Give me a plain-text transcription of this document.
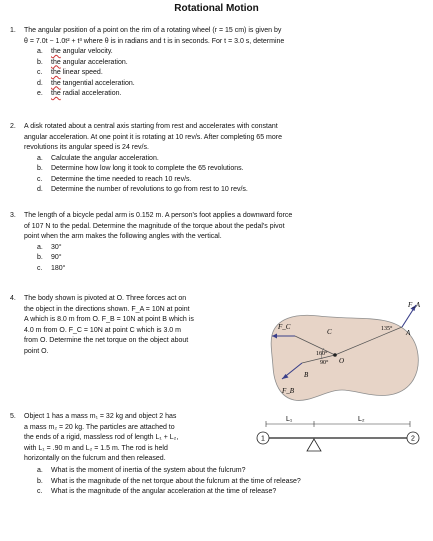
Rotational Motion
1. The angular position of a point on the rim of a rotating wheel (r = 15 cm) is given by

θ = 7.0t − 1.0t² + t³ where θ is in radians and t is in seconds. For t = 3.0 s, determine

a. the angular velocity.
b. the angular acceleration.
c. the linear speed.
d. the tangential acceleration.
e. the radial acceleration.
2. A disk rotated about a central axis starting from rest and accelerates with constant

angular acceleration. At one point it is rotating at 10 rev/s. After completing 65 more

revolutions its angular speed is 24 rev/s.

a. Calculate the angular acceleration.
b. Determine how low long it took to complete the 65 revolutions.
c. Determine the time needed to reach 10 rev/s.
d. Determine the number of revolutions to go from rest to 10 rev/s.
3. The length of a bicycle pedal arm is 0.152 m. A person's foot applies a downward force

of 107 N to the pedal. Determine the magnitude of the torque about the pedal's pivot

point when the arm makes the following angles with the vertical.

a. 30°
b. 90°
c. 180°
4. The body shown is pivoted at O. Three forces act on

the object in the directions shown. F_A = 10N at point

A which is 8.0 m from O. F_B = 10N at point B which is

4.0 m from O. F_C = 10N at point C which is 3.0 m

from O. Determine the net torque on the object about

point O.

F_C
F_B
F_A
C
B
A
O
135°
160°
90°
5. Object 1 has a mass m₁ = 32 kg and object 2 has

a mass m₂ = 20 kg. The particles are attached to

the ends of a rigid, massless rod of length L₁ + L₂,

with L₁ = .90 m and L₂ = 1.5 m. The rod is held

horizontally on the fulcrum and then released.

a. What is the moment of inertia of the system about the fulcrum?
b. What is the magnitude of the net torque about the fulcrum at the time of release?
c. What is the magnitude of the angular acceleration at the time of release?
L₁	L₂
1	2
